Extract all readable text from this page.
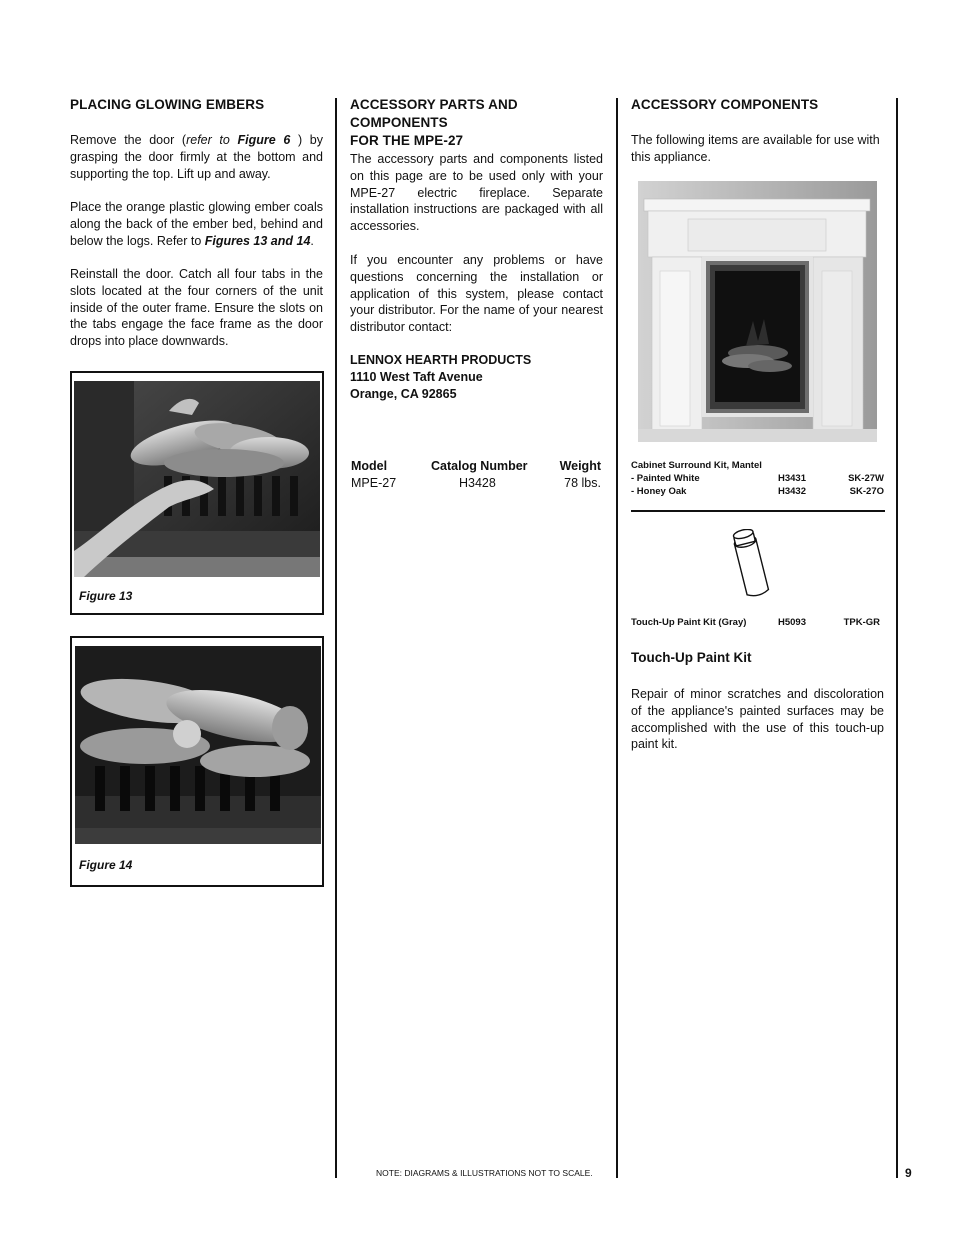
PLACING GLOWING EMBERS
Remove the door (refer to Figure 6 ) by grasping the door firmly at the bottom and supporting the top. Lift up and away.
Place the orange plastic glowing ember coals along the back of the ember bed, behind and below the logs. Refer to Figures 13 and 14.
Reinstall the door. Catch all four tabs in the slots located at the four corners of the unit inside of the outer frame. Ensure the slots on the tabs engage the face frame as the door drops into place downwards.
Figure 13
Figure 14
ACCESSORY PARTS AND COMPONENTS
FOR THE MPE-27
The accessory parts and components listed on this page are to be used only with your MPE-27 electric fireplace. Separate installation instructions are packaged with all accessories.
If you encounter any problems or have questions concerning the installation or application of this system, please contact your distributor. For the name of your nearest distributor contact:
LENNOX HEARTH PRODUCTS
1110 West Taft Avenue
Orange, CA 92865
Model	Catalog Number	Weight
MPE-27	H3428	78 lbs.
NOTE: DIAGRAMS & ILLUSTRATIONS NOT TO SCALE.
ACCESSORY COMPONENTS
The following items are available for use with this appliance.
Cabinet Surround Kit, Mantel
- Painted White	H3431	SK-27W
- Honey Oak	H3432	SK-27O
Touch-Up Paint Kit (Gray)	H5093	TPK-GR
Touch-Up Paint Kit
Repair of minor scratches and discoloration of the appliance's painted surfaces may be accomplished with the use of this touch-up paint kit.
9
